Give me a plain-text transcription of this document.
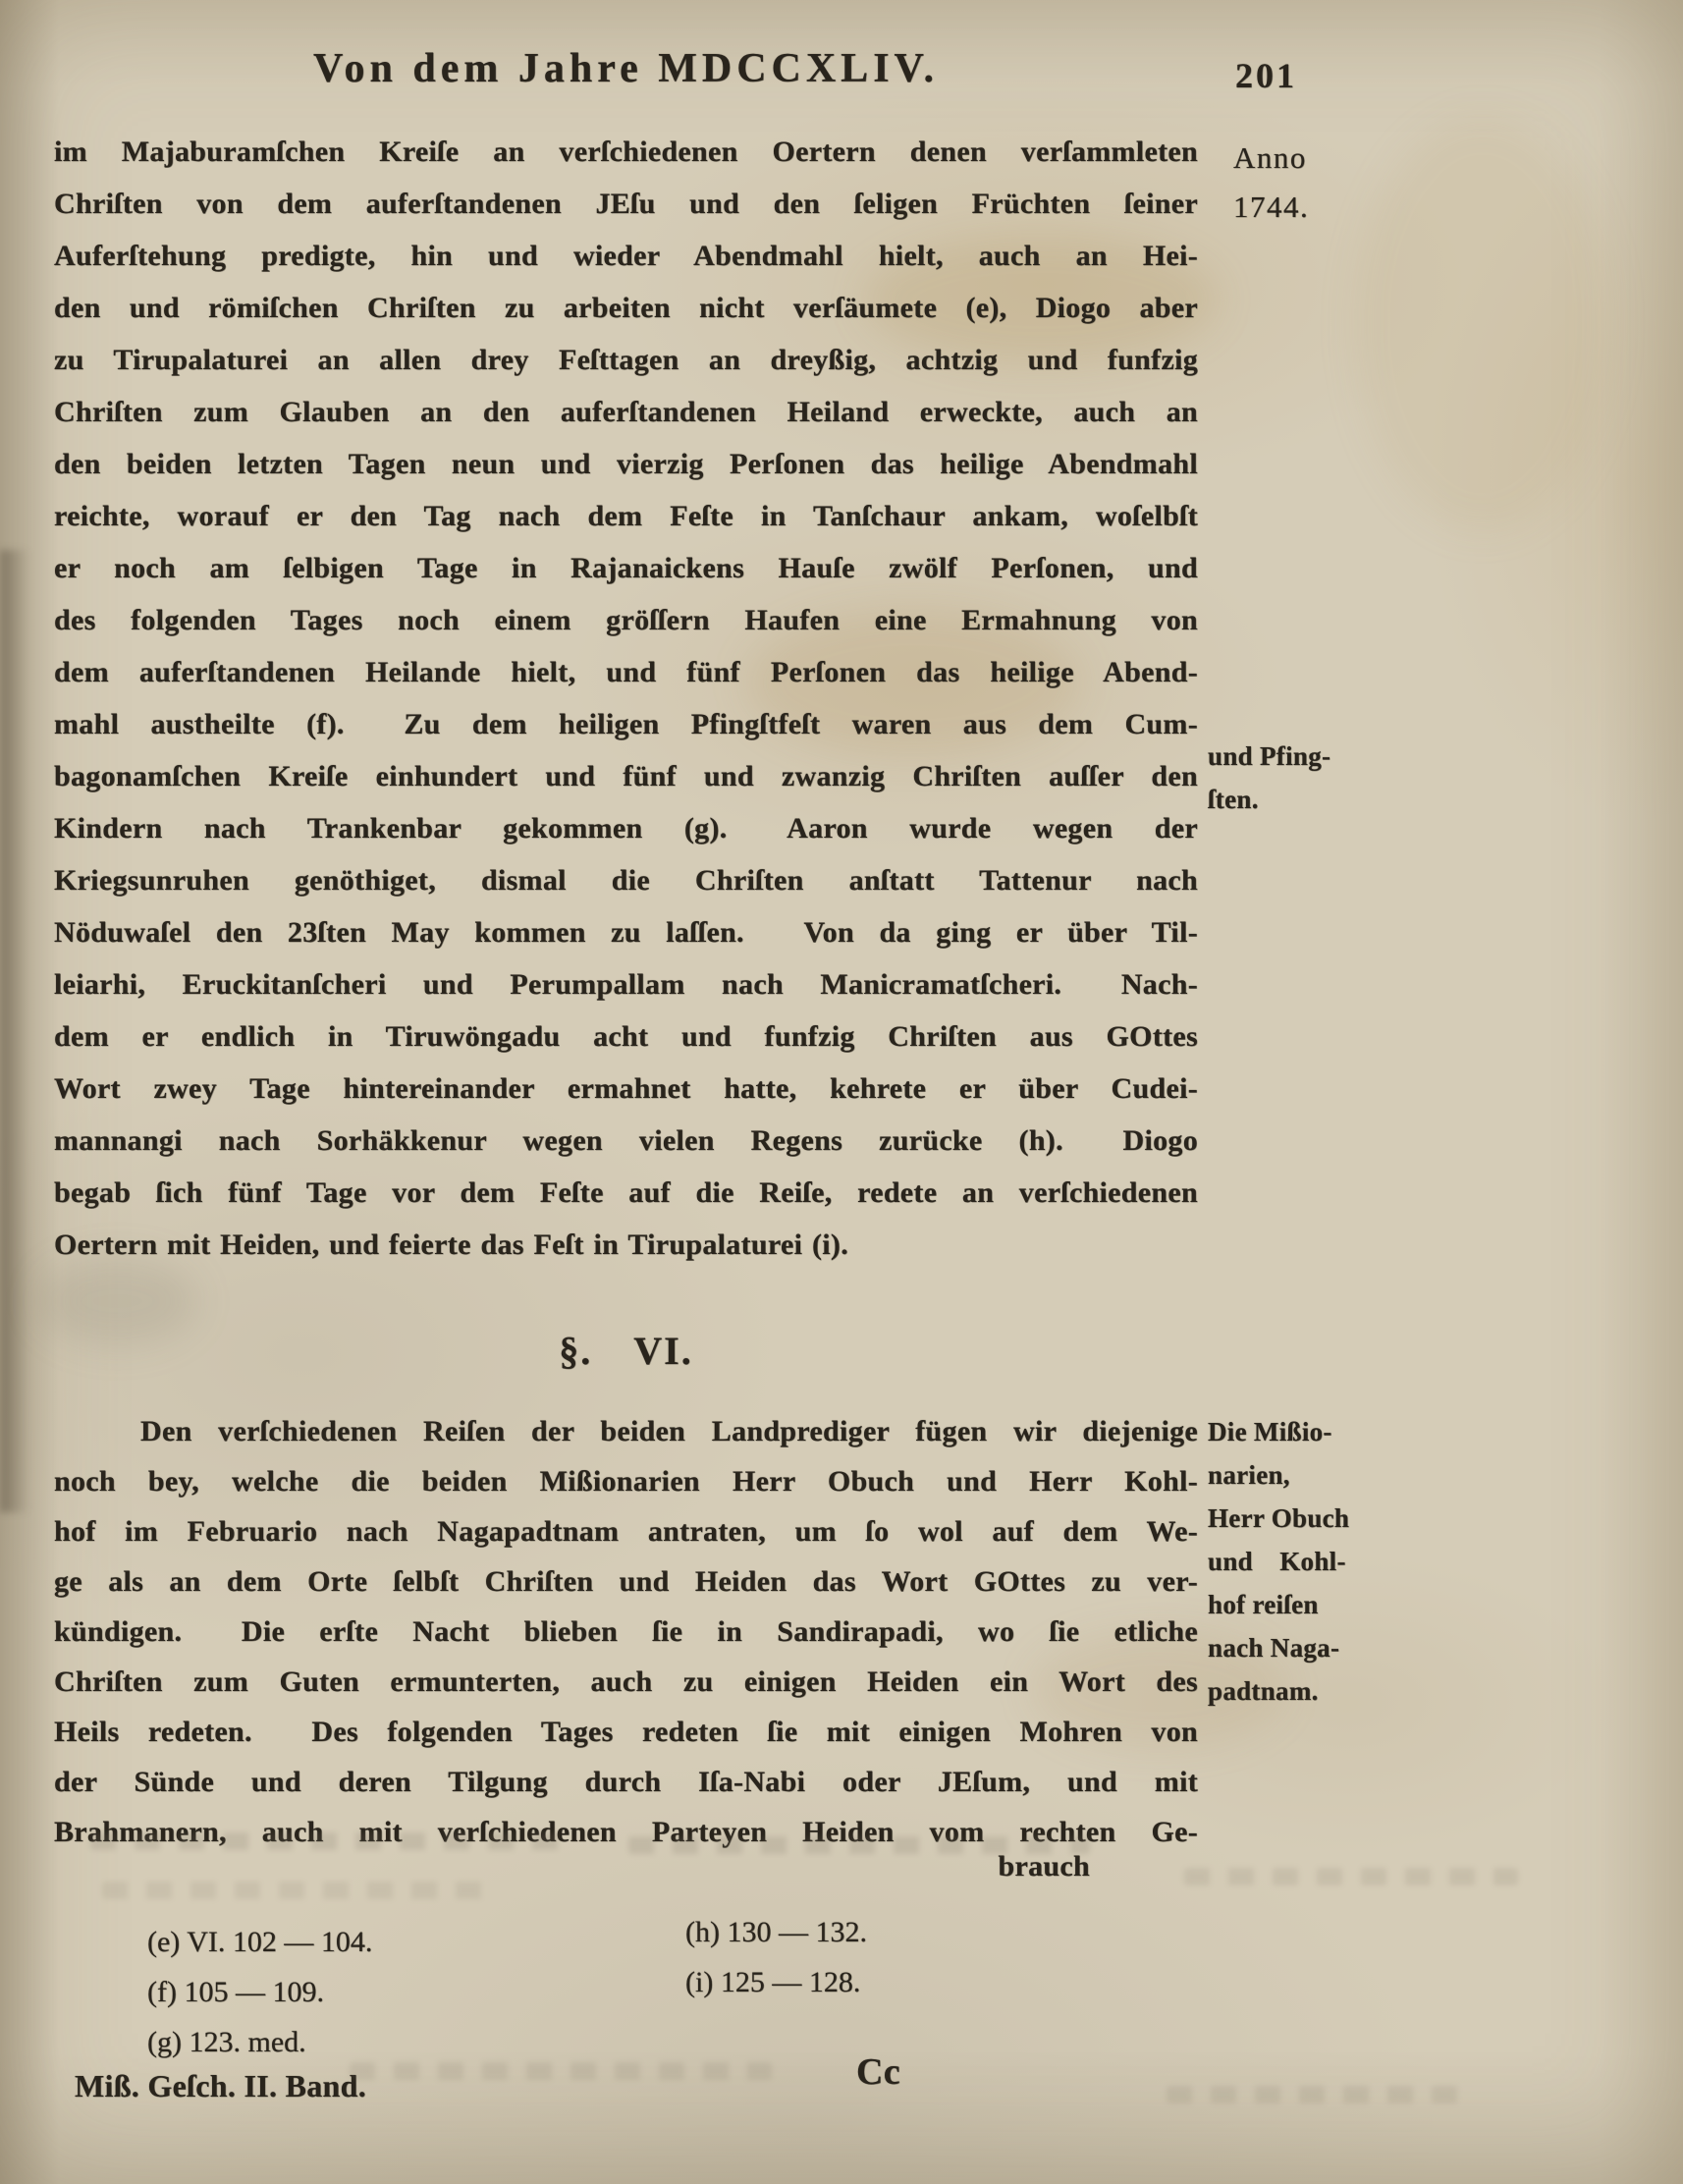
Von dem Jahre MDCCXLIV.	201
im Majaburamſchen Kreiſe an verſchiedenen Oertern denen verſammleten
Chriſten von dem auferſtandenen JEſu und den ſeligen Früchten ſeiner
Auferſtehung predigte, hin und wieder Abendmahl hielt, auch an Hei-
den und römiſchen Chriſten zu arbeiten nicht verſäumete (e), Diogo aber
zu Tirupalaturei an allen drey Feſttagen an dreyßig, achtzig und funfzig
Chriſten zum Glauben an den auferſtandenen Heiland erweckte, auch an
den beiden letzten Tagen neun und vierzig Perſonen das heilige Abendmahl
reichte, worauf er den Tag nach dem Feſte in Tanſchaur ankam, woſelbſt
er noch am ſelbigen Tage in Rajanaickens Hauſe zwölf Perſonen, und
des folgenden Tages noch einem gröſſern Haufen eine Ermahnung von
dem auferſtandenen Heilande hielt, und fünf Perſonen das heilige Abend-
mahl austheilte (f).  Zu dem heiligen Pfingſtfeſt waren aus dem Cum-
bagonamſchen Kreiſe einhundert und fünf und zwanzig Chriſten auſſer den
Kindern nach Trankenbar gekommen (g).  Aaron wurde wegen der
Kriegsunruhen genöthiget, dismal die Chriſten anſtatt Tattenur nach
Nöduwaſel den 23ſten May kommen zu laſſen.  Von da ging er über Til-
leiarhi, Eruckitanſcheri und Perumpallam nach Manicramatſcheri.  Nach-
dem er endlich in Tiruwöngadu acht und funfzig Chriſten aus GOttes
Wort zwey Tage hintereinander ermahnet hatte, kehrete er über Cudei-
mannangi nach Sorhäkkenur wegen vielen Regens zurücke (h).  Diogo
begab ſich fünf Tage vor dem Feſte auf die Reiſe, redete an verſchiedenen
Oertern mit Heiden, und feierte das Feſt in Tirupalaturei (i).
§. VI.
Den verſchiedenen Reiſen der beiden Landprediger fügen wir diejenige
noch bey, welche die beiden Mißionarien Herr Obuch und Herr Kohl-
hof im Februario nach Nagapadtnam antraten, um ſo wol auf dem We-
ge als an dem Orte ſelbſt Chriſten und Heiden das Wort GOttes zu ver-
kündigen.  Die erſte Nacht blieben ſie in Sandirapadi, wo ſie etliche
Chriſten zum Guten ermunterten, auch zu einigen Heiden ein Wort des
Heils redeten.  Des folgenden Tages redeten ſie mit einigen Mohren von
der Sünde und deren Tilgung durch Iſa-Nabi oder JEſum, und mit
Brahmanern, auch mit verſchiedenen Parteyen Heiden vom rechten Ge-
brauch
Anno
1744.
und Pfing-
ſten.
Die Mißio-
narien,
Herr Obuch
und Kohl-
hof reiſen
nach Naga-
padtnam.
(e) VI. 102 — 104.
(f) 105 — 109.
(g) 123. med.
(h) 130 — 132.
(i) 125 — 128.
Miß. Geſch. II. Band.	Cc
